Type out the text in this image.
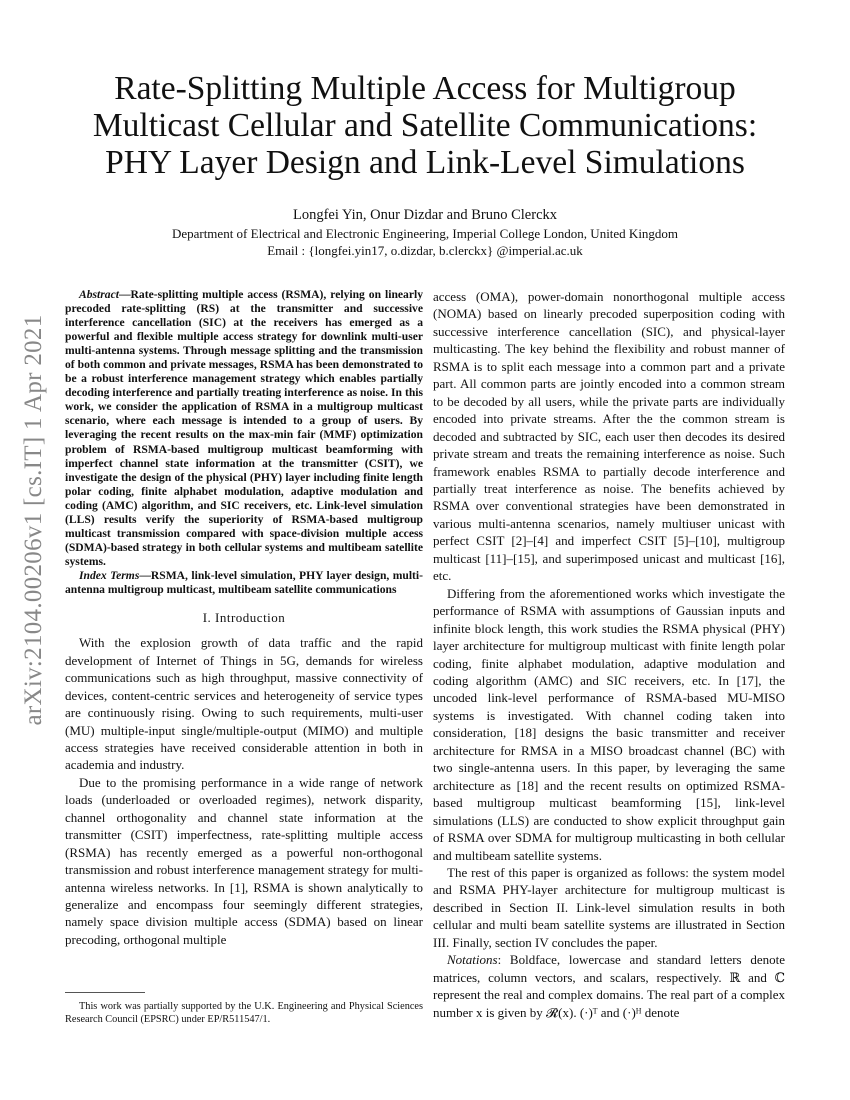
arXiv:2104.00206v1 [cs.IT] 1 Apr 2021
Rate-Splitting Multiple Access for Multigroup
Multicast Cellular and Satellite Communications:
PHY Layer Design and Link-Level Simulations
Longfei Yin, Onur Dizdar and Bruno Clerckx
Department of Electrical and Electronic Engineering, Imperial College London, United Kingdom
Email : {longfei.yin17, o.dizdar, b.clerckx} @imperial.ac.uk

Abstract—Rate-splitting multiple access (RSMA), relying on linearly precoded rate-splitting (RS) at the transmitter and successive interference cancellation (SIC) at the receivers has emerged as a powerful and flexible multiple access strategy for downlink multi-user multi-antenna systems. Through message splitting and the transmission of both common and private messages, RSMA has been demonstrated to be a robust interference management strategy which enables partially decoding interference and partially treating interference as noise. In this work, we consider the application of RSMA in a multigroup multicast scenario, where each message is intended to a group of users. By leveraging the recent results on the max-min fair (MMF) optimization problem of RSMA-based multigroup multicast beamforming with imperfect channel state information at the transmitter (CSIT), we investigate the design of the physical (PHY) layer including finite length polar coding, finite alphabet modulation, adaptive modulation and coding (AMC) algorithm, and SIC receivers, etc. Link-level simulation (LLS) results verify the superiority of RSMA-based multigroup multicast transmission compared with space-division multiple access (SDMA)-based strategy in both cellular systems and multibeam satellite systems.

Index Terms—RSMA, link-level simulation, PHY layer design, multi-antenna multigroup multicast, multibeam satellite communications

I. Introduction

With the explosion growth of data traffic and the rapid development of Internet of Things in 5G, demands for wireless communications such as high throughput, massive connectivity of devices, content-centric services and heterogeneity of service types are continuously rising. Owing to such requirements, multi-user (MU) multiple-input single/multiple-output (MIMO) and multiple access strategies have received considerable attention in both in academia and industry.

Due to the promising performance in a wide range of network loads (underloaded or overloaded regimes), network disparity, channel orthogonality and channel state information at the transmitter (CSIT) imperfectness, rate-splitting multiple access (RSMA) has recently emerged as a powerful non-orthogonal transmission and robust interference management strategy for multi-antenna wireless networks. In [1], RSMA is shown analytically to generalize and encompass four seemingly different strategies, namely space division multiple access (SDMA) based on linear precoding, orthogonal multiple

This work was partially supported by the U.K. Engineering and Physical Sciences Research Council (EPSRC) under EP/R511547/1.

access (OMA), power-domain nonorthogonal multiple access (NOMA) based on linearly precoded superposition coding with successive interference cancellation (SIC), and physical-layer multicasting. The key behind the flexibility and robust manner of RSMA is to split each message into a common part and a private part. All common parts are jointly encoded into a common stream to be decoded by all users, while the private parts are individually encoded into private streams. After the the common stream is decoded and subtracted by SIC, each user then decodes its desired private stream and treats the remaining interference as noise. Such framework enables RSMA to partially decode interference and partially treat interference as noise. The benefits achieved by RSMA over conventional strategies have been demonstrated in various multi-antenna scenarios, namely multiuser unicast with perfect CSIT [2]–[4] and imperfect CSIT [5]–[10], multigroup multicast [11]–[15], and superimposed unicast and multicast [16], etc.

Differing from the aforementioned works which investigate the performance of RSMA with assumptions of Gaussian inputs and infinite block length, this work studies the RSMA physical (PHY) layer architecture for multigroup multicast with finite length polar coding, finite alphabet modulation, adaptive modulation and coding algorithm (AMC) and SIC receivers, etc. In [17], the uncoded link-level performance of RSMA-based MU-MISO systems is investigated. With channel coding taken into consideration, [18] designs the basic transmitter and receiver architecture for RMSA in a MISO broadcast channel (BC) with two single-antenna users. In this paper, by leveraging the same architecture as [18] and the recent results on optimized RSMA-based multigroup multicast beamforming [15], link-level simulations (LLS) are conducted to show explicit throughput gain of RSMA over SDMA for multigroup multicasting in both cellular and multibeam satellite systems.

The rest of this paper is organized as follows: the system model and RSMA PHY-layer architecture for multigroup multicast is described in Section II. Link-level simulation results in both cellular and multi beam satellite systems are illustrated in Section III. Finally, section IV concludes the paper.

Notations: Boldface, lowercase and standard letters denote matrices, column vectors, and scalars, respectively. ℝ and ℂ represent the real and complex domains. The real part of a complex number x is given by 𝓡(x). (·)ᵀ and (·)ᴴ denote
